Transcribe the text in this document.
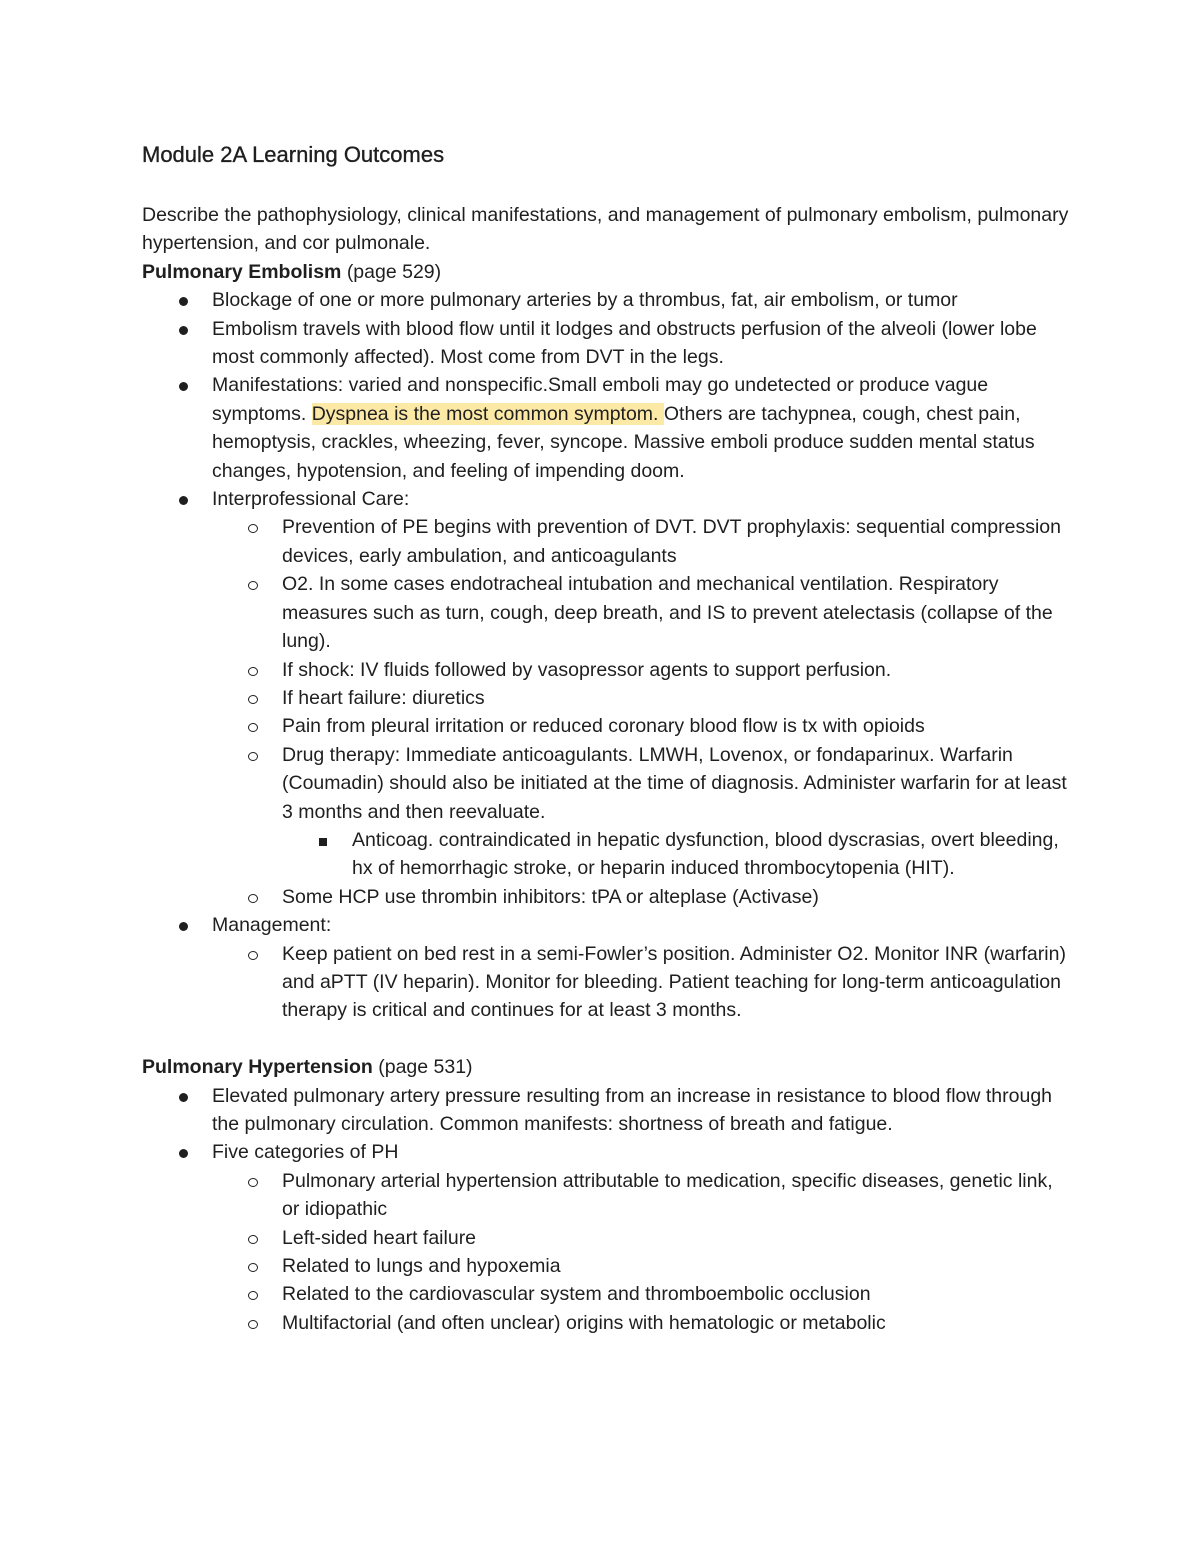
Module 2A Learning Outcomes

Describe the pathophysiology, clinical manifestations, and management of pulmonary embolism, pulmonary hypertension, and cor pulmonale.

Pulmonary Embolism (page 529)

Blockage of one or more pulmonary arteries by a thrombus, fat, air embolism, or tumor
Embolism travels with blood flow until it lodges and obstructs perfusion of the alveoli (lower lobe most commonly affected). Most come from DVT in the legs.
Manifestations: varied and nonspecific.Small emboli may go undetected or produce vague symptoms. Dyspnea is the most common symptom. Others are tachypnea, cough, chest pain, hemoptysis, crackles, wheezing, fever, syncope. Massive emboli produce sudden mental status changes, hypotension, and feeling of impending doom.
Interprofessional Care:
Prevention of PE begins with prevention of DVT. DVT prophylaxis: sequential compression devices, early ambulation, and anticoagulants
O2. In some cases endotracheal intubation and mechanical ventilation. Respiratory measures such as turn, cough, deep breath, and IS to prevent atelectasis (collapse of the lung).
If shock: IV fluids followed by vasopressor agents to support perfusion.
If heart failure: diuretics
Pain from pleural irritation or reduced coronary blood flow is tx with opioids
Drug therapy: Immediate anticoagulants. LMWH, Lovenox, or fondaparinux. Warfarin (Coumadin) should also be initiated at the time of diagnosis. Administer warfarin for at least 3 months and then reevaluate.
Anticoag. contraindicated in hepatic dysfunction, blood dyscrasias, overt bleeding, hx of hemorrhagic stroke, or heparin induced thrombocytopenia (HIT).
Some HCP use thrombin inhibitors: tPA or alteplase (Activase)
Management:
Keep patient on bed rest in a semi-Fowler’s position. Administer O2. Monitor INR (warfarin) and aPTT (IV heparin). Monitor for bleeding. Patient teaching for long-term anticoagulation therapy is critical and continues for at least 3 months.

Pulmonary Hypertension (page 531)

Elevated pulmonary artery pressure resulting from an increase in resistance to blood flow through the pulmonary circulation. Common manifests: shortness of breath and fatigue.
Five categories of PH
Pulmonary arterial hypertension attributable to medication, specific diseases, genetic link, or idiopathic
Left-sided heart failure
Related to lungs and hypoxemia
Related to the cardiovascular system and thromboembolic occlusion
Multifactorial (and often unclear) origins with hematologic or metabolic
